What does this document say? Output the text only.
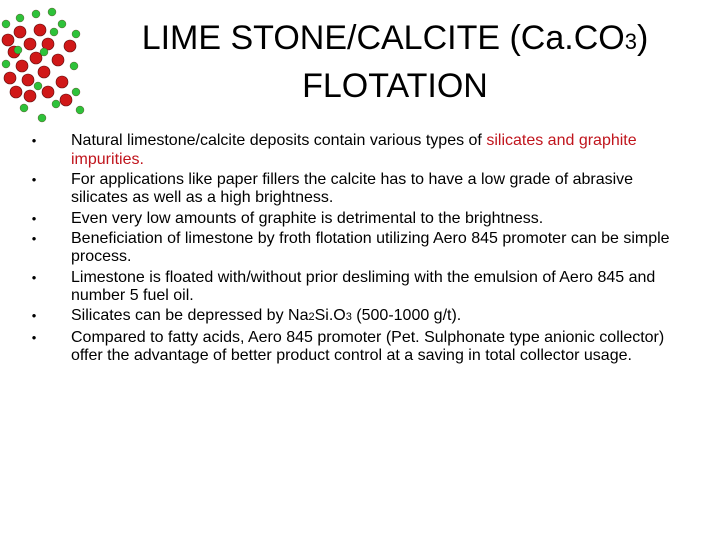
LIME STONE/CALCITE (Ca.CO3)
FLOTATION
•	Natural limestone/calcite deposits contain various types of silicates and graphite impurities.
•	For applications like paper fillers the calcite has to have a low grade of abrasive silicates as well as a high brightness.
•	Even very low amounts of graphite is detrimental to the brightness.
•	Beneficiation of limestone by froth flotation utilizing Aero 845 promoter can be simple process.
•	Limestone is floated with/without prior desliming with the emulsion of Aero 845 and number 5 fuel oil.
•	Silicates can be depressed by Na2Si.O3 (500-1000 g/t).
•	Compared to fatty acids, Aero 845 promoter (Pet. Sulphonate type anionic collector) offer the advantage of better product control at a saving in total collector usage.
